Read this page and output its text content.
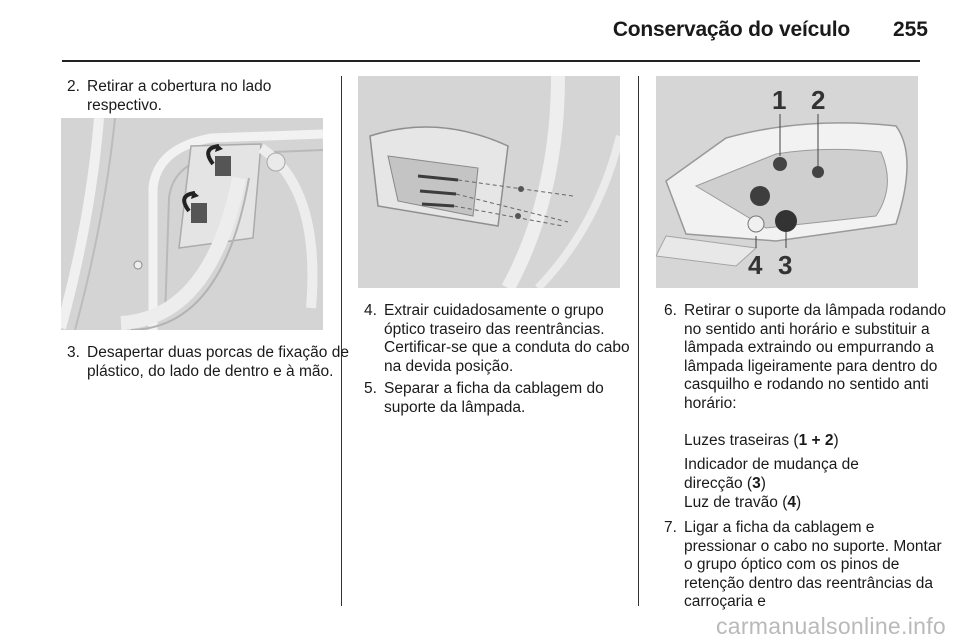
Conservação do veículo	255
2. Retirar a cobertura no lado respectivo.
3. Desapertar duas porcas de fixação de plástico, do lado de dentro e à mão.
4. Extrair cuidadosamente o grupo óptico traseiro das reentrâncias. Certificar-se que a conduta do cabo na devida posição.
5. Separar a ficha da cablagem do suporte da lâmpada.
1 2
3
4
6. Retirar o suporte da lâmpada rodando no sentido anti horário e substituir a lâmpada extraindo ou empurrando a lâmpada ligeiramente para dentro do casquilho e rodando no sentido anti horário:
Luzes traseiras (1 + 2)
Indicador de mudança de direcção (3)
Luz de travão (4)
7. Ligar a ficha da cablagem e pressionar o cabo no suporte. Montar o grupo óptico com os pinos de retenção dentro das reentrâncias da carroçaria e
carmanualsonline.info
